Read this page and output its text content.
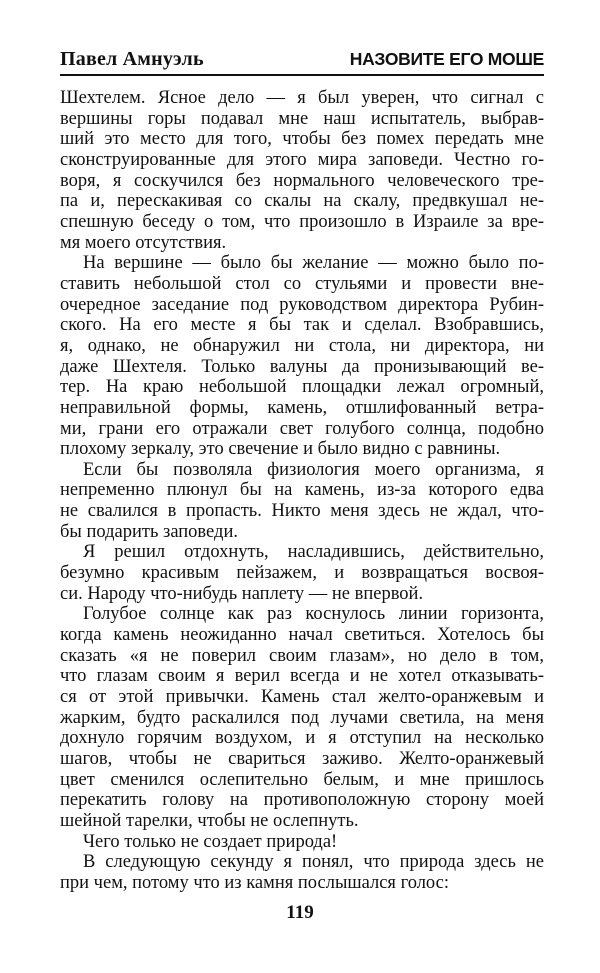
Павел Амнуэль	НАЗОВИТЕ ЕГО МОШЕ
Шехтелем. Ясное дело — я был уверен, что сигнал с
вершины горы подавал мне наш испытатель, выбрав-
ший это место для того, чтобы без помех передать мне
сконструированные для этого мира заповеди. Честно го-
воря, я соскучился без нормального человеческого тре-
па и, перескакивая со скалы на скалу, предвкушал не-
спешную беседу о том, что произошло в Израиле за вре-
мя моего отсутствия.
На вершине — было бы желание — можно было по-
ставить небольшой стол со стульями и провести вне-
очередное заседание под руководством директора Рубин-
ского. На его месте я бы так и сделал. Взобравшись,
я, однако, не обнаружил ни стола, ни директора, ни
даже Шехтеля. Только валуны да пронизывающий ве-
тер. На краю небольшой площадки лежал огромный,
неправильной формы, камень, отшлифованный ветра-
ми, грани его отражали свет голубого солнца, подобно
плохому зеркалу, это свечение и было видно с равнины.
Если бы позволяла физиология моего организма, я
непременно плюнул бы на камень, из-за которого едва
не свалился в пропасть. Никто меня здесь не ждал, что-
бы подарить заповеди.
Я решил отдохнуть, насладившись, действительно,
безумно красивым пейзажем, и возвращаться восвоя-
си. Народу что-нибудь наплету — не впервой.
Голубое солнце как раз коснулось линии горизонта,
когда камень неожиданно начал светиться. Хотелось бы
сказать «я не поверил своим глазам», но дело в том,
что глазам своим я верил всегда и не хотел отказывать-
ся от этой привычки. Камень стал желто-оранжевым и
жарким, будто раскалился под лучами светила, на меня
дохнуло горячим воздухом, и я отступил на несколько
шагов, чтобы не свариться заживо. Желто-оранжевый
цвет сменился ослепительно белым, и мне пришлось
перекатить голову на противоположную сторону моей
шейной тарелки, чтобы не ослепнуть.
Чего только не создает природа!
В следующую секунду я понял, что природа здесь не
при чем, потому что из камня послышался голос:
119
